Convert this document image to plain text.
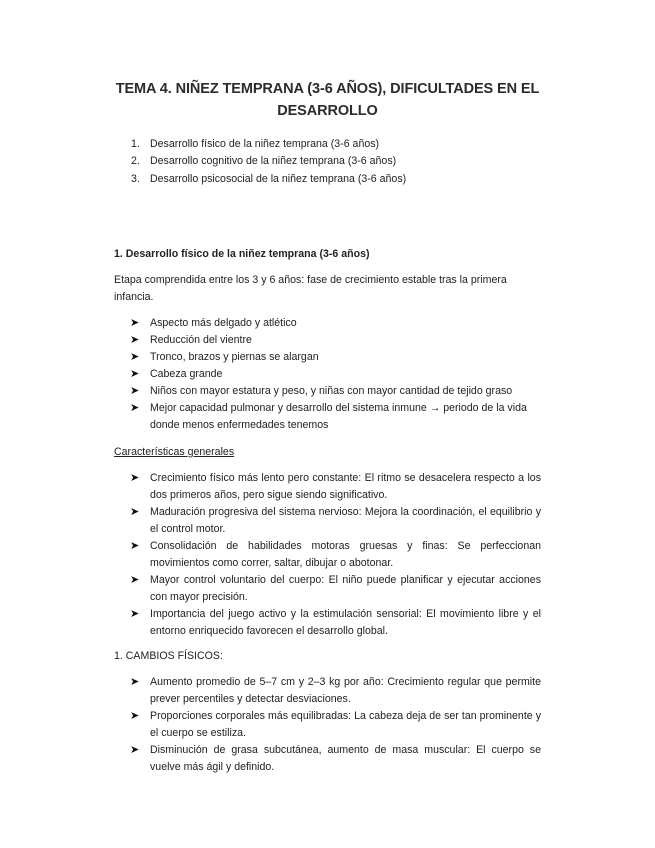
TEMA 4. NIÑEZ TEMPRANA (3-6 AÑOS), DIFICULTADES EN EL DESARROLLO
1. Desarrollo físico de la niñez temprana (3-6 años)
2. Desarrollo cognitivo de la niñez temprana (3-6 años)
3. Desarrollo psicosocial de la niñez temprana (3-6 años)
1. Desarrollo físico de la niñez temprana (3-6 años)
Etapa comprendida entre los 3 y 6 años: fase de crecimiento estable tras la primera infancia.
➤	Aspecto más delgado y atlético
➤	Reducción del vientre
➤	Tronco, brazos y piernas se alargan
➤	Cabeza grande
➤	Niños con mayor estatura y peso, y niñas con mayor cantidad de tejido graso
➤	Mejor capacidad pulmonar y desarrollo del sistema inmune → periodo de la vida donde menos enfermedades tenemos
Características generales
➤	Crecimiento físico más lento pero constante: El ritmo se desacelera respecto a los dos primeros años, pero sigue siendo significativo.
➤	Maduración progresiva del sistema nervioso: Mejora la coordinación, el equilibrio y el control motor.
➤	Consolidación de habilidades motoras gruesas y finas: Se perfeccionan movimientos como correr, saltar, dibujar o abotonar.
➤	Mayor control voluntario del cuerpo: El niño puede planificar y ejecutar acciones con mayor precisión.
➤	Importancia del juego activo y la estimulación sensorial: El movimiento libre y el entorno enriquecido favorecen el desarrollo global.
1. CAMBIOS FÍSICOS:
➤	Aumento promedio de 5–7 cm y 2–3 kg por año: Crecimiento regular que permite prever percentiles y detectar desviaciones.
➤	Proporciones corporales más equilibradas: La cabeza deja de ser tan prominente y el cuerpo se estiliza.
➤	Disminución de grasa subcutánea, aumento de masa muscular: El cuerpo se vuelve más ágil y definido.
